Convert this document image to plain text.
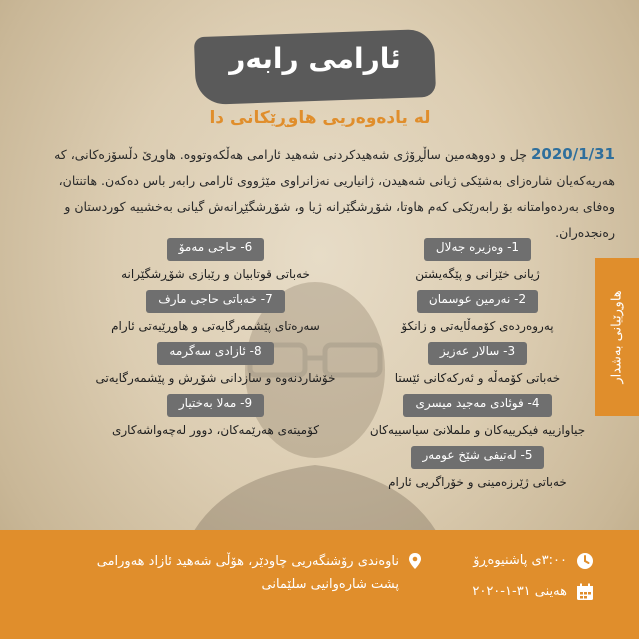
ئارامی رابەر
لە یادەوەریی هاوڕێکانی دا
2020/1/31 چل و دووهەمین ساڵڕۆژی شەهیدکردنی شەهید ئارامی هەڵکەوتووە. هاوڕێ دڵسۆزەکانی، کە هەریەکەیان شارەزای بەشێکی ژیانی شەهیدن، ژانیاریی نەزانراوی مێژووی ئارامی رابەر باس دەکەن. هاتنتان، وەفای بەردەوامتانە بۆ رابەرێکی کەم هاوتا، شۆڕشگێرانە ژیا و، شۆڕشگێڕانەش گیانی بەخشییە کوردستان و رەنجدەران.
1- وەزیرە جەلال
ژیانی خێزانی و پێگەیشتن
2- نەرمین عوسمان
پەروەردەی کۆمەڵایەتی و زانکۆ
3- سالار عەزیز
خەباتی کۆمەڵە و ئەرکەکانی ئێستا
4- فوئادی مەجید میسری
جیاوازییە فیکرییەکان و ململانێ سیاسییەکان
5- لەتیفی شێخ عومەر
خەباتی ژێرزەمینی و خۆراگریی ئارام
6- حاجی مەمۆ
خەباتی قوتابیان و رێبازی شۆڕشگێرانە
7- خەباتی حاجی مارف
سەرەتای پێشمەرگایەتی و هاوڕێیەتی ئارام
8- ئازادی سەگرمە
خۆشاردنەوە و سازدانی شۆڕش و پێشمەرگایەتی
9- مەلا بەختیار
کۆمیتەی هەرێمەکان، دوور لەچەواشەکاری
هاوڕێیانی بەشدار
٣:٠٠ی پاشنیوەڕۆ
هەینی ٣١-١-٢٠٢٠
ناوەندی رۆشنگەریی چاودێر، هۆڵی شەهید ئازاد هەورامی
پشت شارەوانیی سلێمانی
